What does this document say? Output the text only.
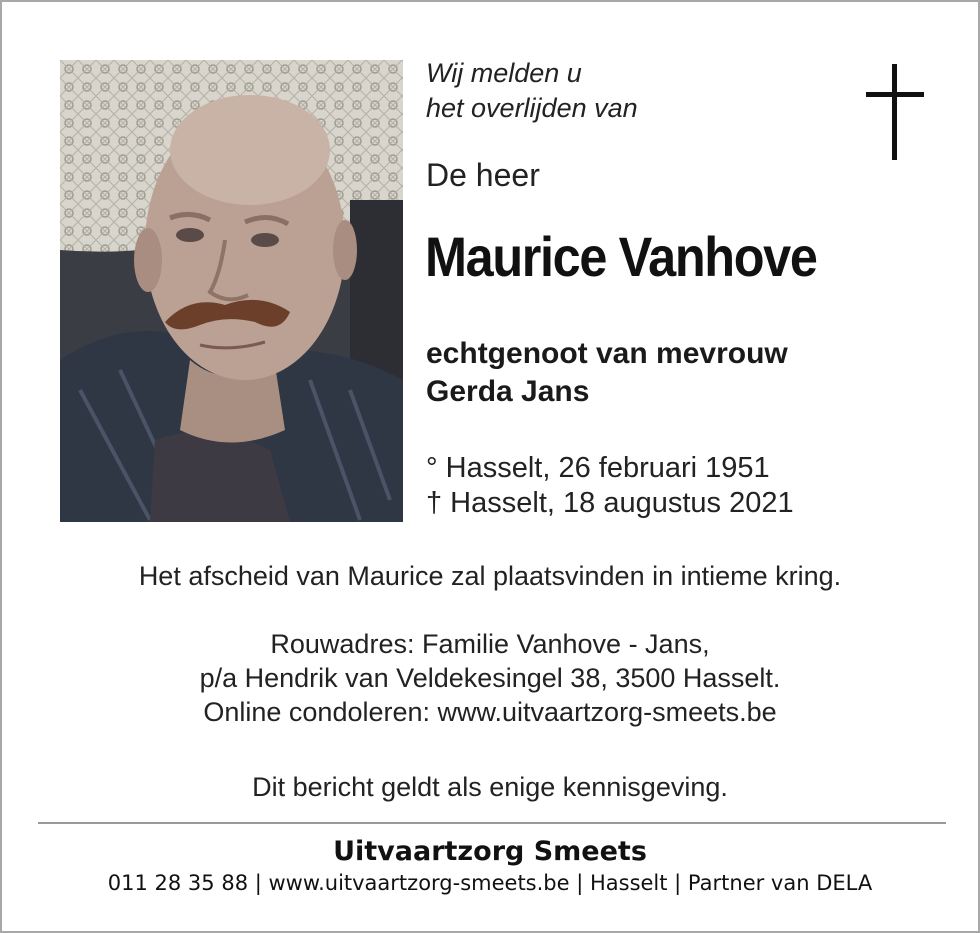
Wij melden u
het overlijden van
De heer
Maurice Vanhove
echtgenoot van mevrouw
Gerda Jans
° Hasselt, 26 februari 1951
† Hasselt, 18 augustus 2021
Het afscheid van Maurice zal plaatsvinden in intieme kring.
Rouwadres: Familie Vanhove - Jans,
p/a Hendrik van Veldekesingel 38, 3500 Hasselt.
Online condoleren: www.uitvaartzorg-smeets.be
Dit bericht geldt als enige kennisgeving.
Uitvaartzorg Smeets
011 28 35 88 | www.uitvaartzorg-smeets.be | Hasselt | Partner van DELA
